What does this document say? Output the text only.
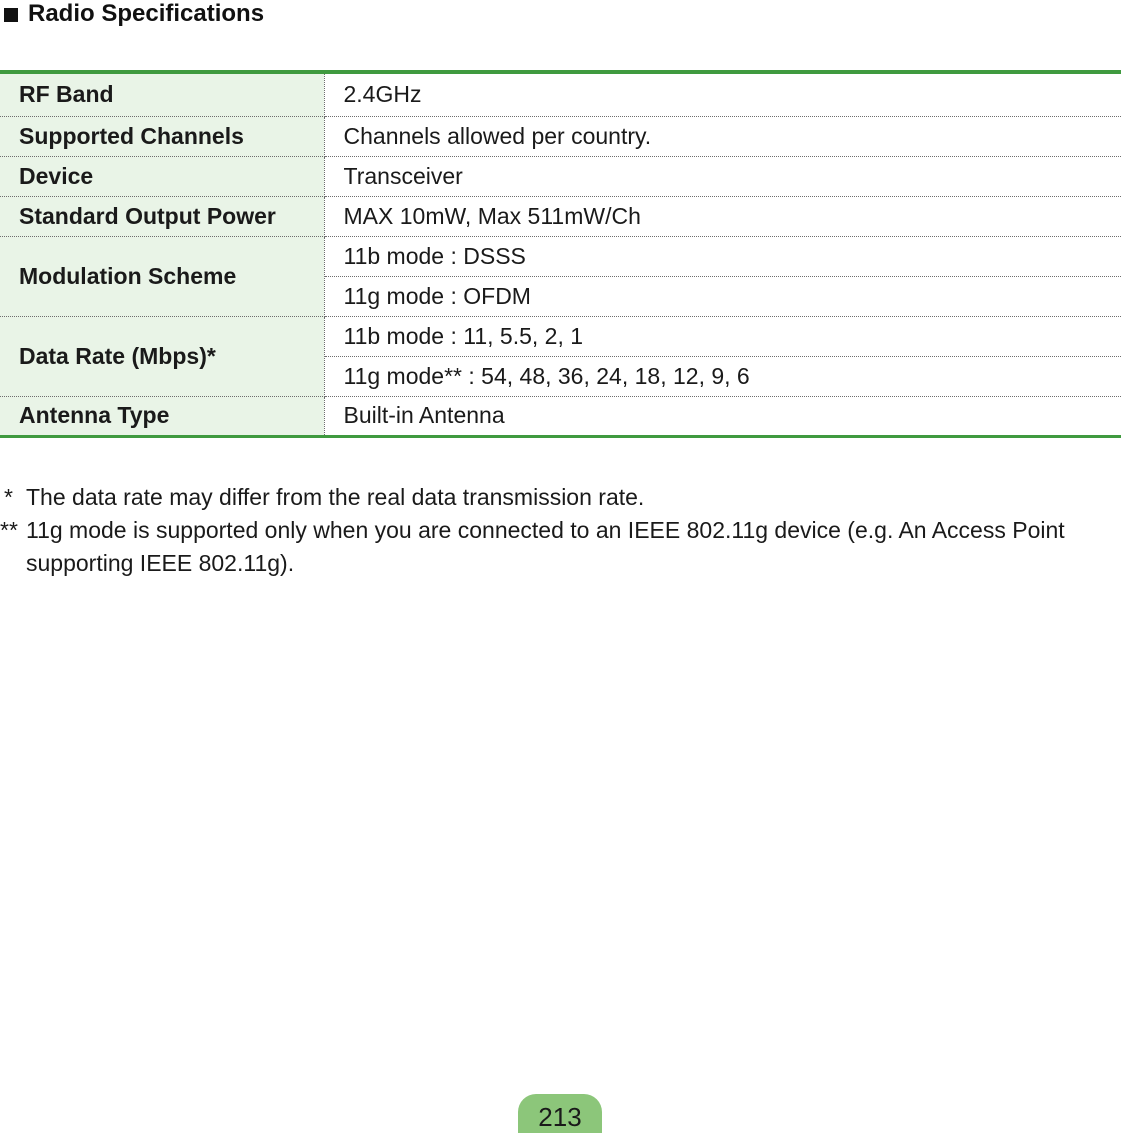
Radio Specifications
RF Band	2.4GHz
Supported Channels	Channels allowed per country.
Device	Transceiver
Standard Output Power	MAX 10mW, Max 511mW/Ch
Modulation Scheme	11b mode : DSSS
	11g mode : OFDM
Data Rate (Mbps)*	11b mode : 11, 5.5, 2, 1
	11g mode** : 54, 48, 36, 24, 18, 12, 9, 6
Antenna Type	Built-in Antenna
* The data rate may differ from the real data transmission rate.
** 11g mode is supported only when you are connected to an IEEE 802.11g device (e.g. An Access Point supporting IEEE 802.11g).
213
